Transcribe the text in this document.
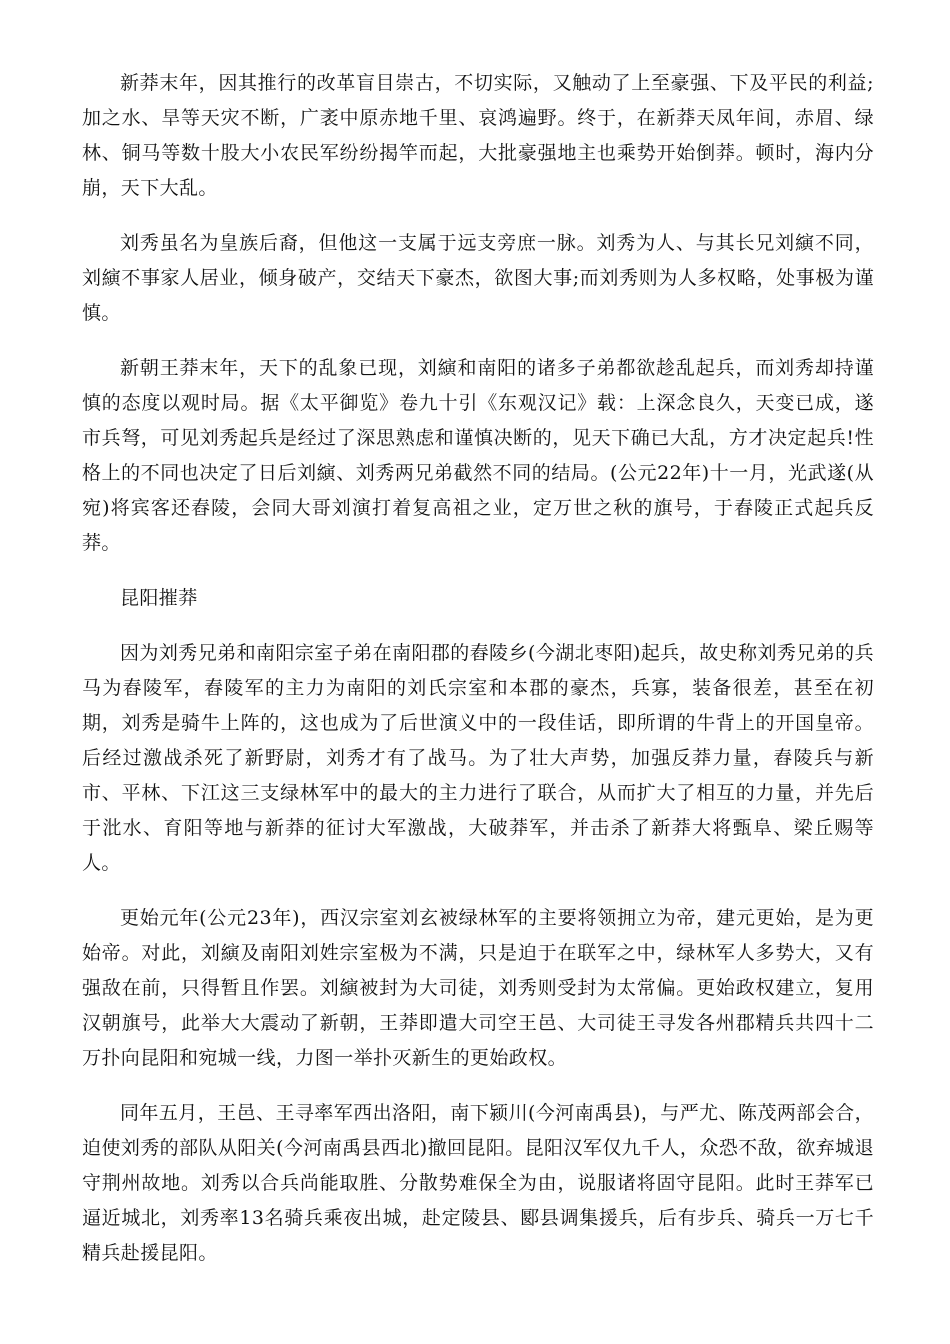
新莽末年，因其推行的改革盲目崇古，不切实际，又触动了上至豪强、下及平民的利益;加之水、旱等天灾不断，广袤中原赤地千里、哀鸿遍野。终于，在新莽天凤年间，赤眉、绿林、铜马等数十股大小农民军纷纷揭竿而起，大批豪强地主也乘势开始倒莽。顿时，海内分崩，天下大乱。

刘秀虽名为皇族后裔，但他这一支属于远支旁庶一脉。刘秀为人、与其长兄刘縯不同，刘縯不事家人居业，倾身破产，交结天下豪杰，欲图大事;而刘秀则为人多权略，处事极为谨慎。

新朝王莽末年，天下的乱象已现，刘縯和南阳的诸多子弟都欲趁乱起兵，而刘秀却持谨慎的态度以观时局。据《太平御览》卷九十引《东观汉记》载：上深念良久，天变已成，遂市兵弩，可见刘秀起兵是经过了深思熟虑和谨慎决断的，见天下确已大乱，方才决定起兵!性格上的不同也决定了日后刘縯、刘秀两兄弟截然不同的结局。(公元22年)十一月，光武遂(从宛)将宾客还舂陵，会同大哥刘演打着复高祖之业，定万世之秋的旗号，于舂陵正式起兵反莽。

昆阳摧莽

因为刘秀兄弟和南阳宗室子弟在南阳郡的舂陵乡(今湖北枣阳)起兵，故史称刘秀兄弟的兵马为舂陵军，舂陵军的主力为南阳的刘氏宗室和本郡的豪杰，兵寡，装备很差，甚至在初期，刘秀是骑牛上阵的，这也成为了后世演义中的一段佳话，即所谓的牛背上的开国皇帝。后经过激战杀死了新野尉，刘秀才有了战马。为了壮大声势，加强反莽力量，舂陵兵与新市、平林、下江这三支绿林军中的最大的主力进行了联合，从而扩大了相互的力量，并先后于沘水、育阳等地与新莽的征讨大军激战，大破莽军，并击杀了新莽大将甄阜、梁丘赐等人。

更始元年(公元23年)，西汉宗室刘玄被绿林军的主要将领拥立为帝，建元更始，是为更始帝。对此，刘縯及南阳刘姓宗室极为不满，只是迫于在联军之中，绿林军人多势大，又有强敌在前，只得暂且作罢。刘縯被封为大司徒，刘秀则受封为太常偏。更始政权建立，复用汉朝旗号，此举大大震动了新朝，王莽即遣大司空王邑、大司徒王寻发各州郡精兵共四十二万扑向昆阳和宛城一线，力图一举扑灭新生的更始政权。

同年五月，王邑、王寻率军西出洛阳，南下颍川(今河南禹县)，与严尤、陈茂两部会合，迫使刘秀的部队从阳关(今河南禹县西北)撤回昆阳。昆阳汉军仅九千人，众恐不敌，欲弃城退守荆州故地。刘秀以合兵尚能取胜、分散势难保全为由，说服诸将固守昆阳。此时王莽军已逼近城北，刘秀率13名骑兵乘夜出城，赴定陵县、郾县调集援兵，后有步兵、骑兵一万七千精兵赴援昆阳。
